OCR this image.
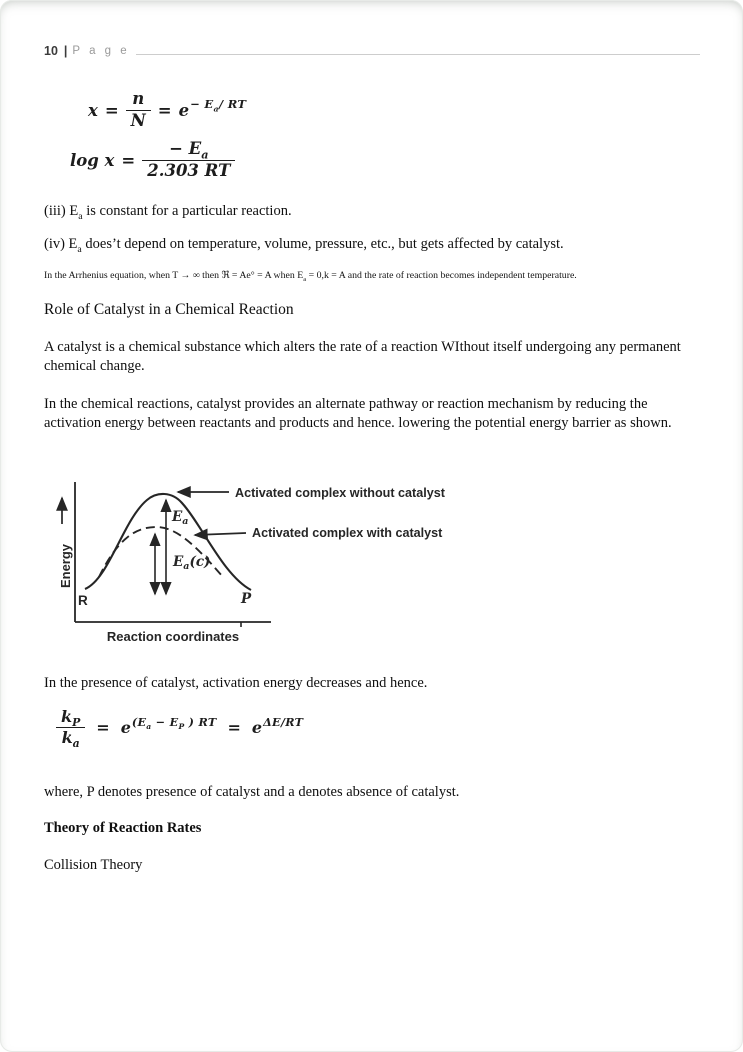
10 | P a g e
$x = \frac{n}{N} = e - E_a/$ RT
$\log x = \frac{- E_a}{2.303 RT}$
(iii) $E_a$ is constant for a particular reaction.
(iv) $E_a$ does’t depend on temperature, volume, pressure, etc., but gets affected by catalyst.
In the Arrhenius equation, when T → ∞ then ℜ = Ae° = A when $E_a = 0,k = A$ and the rate of reaction becomes independent temperature.
Role of Catalyst in a Chemical Reaction
A catalyst is a chemical substance which alters the rate of a reaction WIthout itself undergoing any permanent chemical change.
In the chemical reactions, catalyst provides an alternate pathway or reaction mechanism by reducing the activation energy between reactants and products and hence. lowering the potential energy barrier as shown.
Energy
$E_a$
$E_a(c)$
Activated complex without catalyst
Activated complex with catalyst
R	P
Reaction coordinates
In the presence of catalyst, activation energy decreases and hence.
$\frac{k_P}{k_a} = e$ ($E_a - E_P$ ) RT = e ΔE/RT
where, P denotes presence of catalyst and a denotes absence of catalyst.
Theory of Reaction Rates
Collision Theory
